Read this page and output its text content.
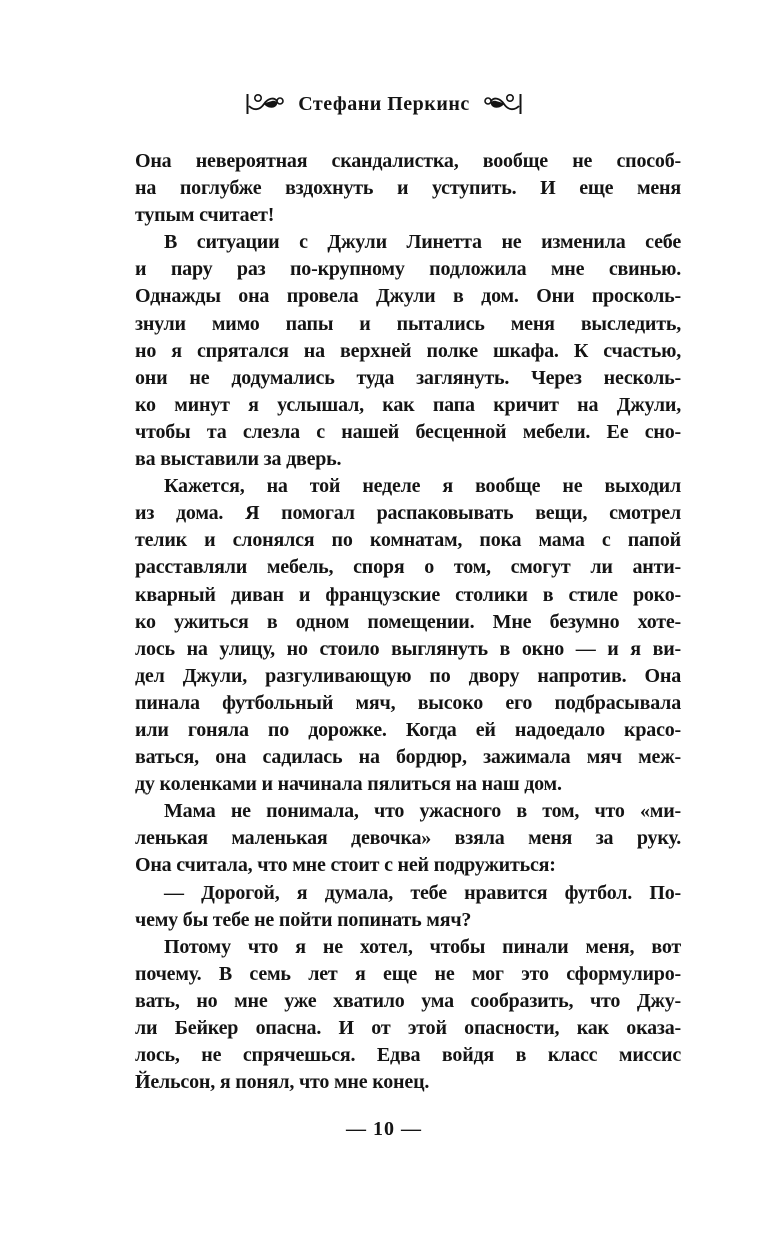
Стефани Перкинс
Она невероятная скандалистка, вообще не способ-
на поглубже вздохнуть и уступить. И еще меня
тупым считает!
В ситуации с Джули Линетта не изменила себе
и пару раз по-крупному подложила мне свинью.
Однажды она провела Джули в дом. Они просколь-
знули мимо папы и пытались меня выследить,
но я спрятался на верхней полке шкафа. К счастью,
они не додумались туда заглянуть. Через несколь-
ко минут я услышал, как папа кричит на Джули,
чтобы та слезла с нашей бесценной мебели. Ее сно-
ва выставили за дверь.
Кажется, на той неделе я вообще не выходил
из дома. Я помогал распаковывать вещи, смотрел
телик и слонялся по комнатам, пока мама с папой
расставляли мебель, споря о том, смогут ли анти-
кварный диван и французские столики в стиле роко-
ко ужиться в одном помещении. Мне безумно хоте-
лось на улицу, но стоило выглянуть в окно — и я ви-
дел Джули, разгуливающую по двору напротив. Она
пинала футбольный мяч, высоко его подбрасывала
или гоняла по дорожке. Когда ей надоедало красо-
ваться, она садилась на бордюр, зажимала мяч меж-
ду коленками и начинала пялиться на наш дом.
Мама не понимала, что ужасного в том, что «ми-
ленькая маленькая девочка» взяла меня за руку.
Она считала, что мне стоит с ней подружиться:
— Дорогой, я думала, тебе нравится футбол. По-
чему бы тебе не пойти попинать мяч?
Потому что я не хотел, чтобы пинали меня, вот
почему. В семь лет я еще не мог это сформулиро-
вать, но мне уже хватило ума сообразить, что Джу-
ли Бейкер опасна. И от этой опасности, как оказа-
лось, не спрячешься. Едва войдя в класс миссис
Йельсон, я понял, что мне конец.
— 10 —
